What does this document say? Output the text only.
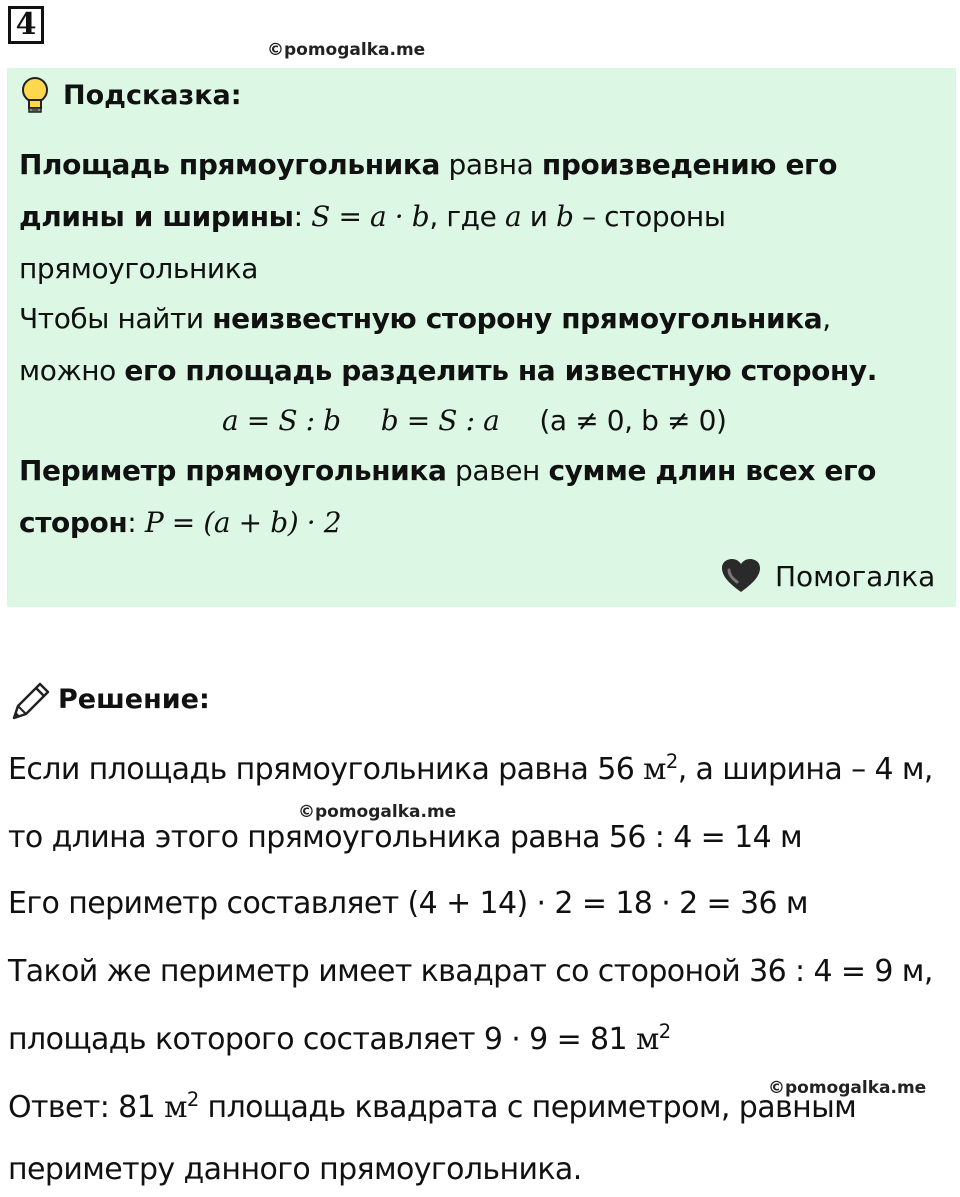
4
©pomogalka.me
Подсказка:
Площадь прямоугольника равна произведению его
длины и ширины: S = a · b, где a и b – стороны
прямоугольника
Чтобы найти неизвестную сторону прямоугольника,
можно его площадь разделить на известную сторону.
a = S : b b = S : a (a ≠ 0, b ≠ 0)
Периметр прямоугольника равен сумме длин всех его
сторон: P = (a + b) · 2
Помогалка
Решение:
Если площадь прямоугольника равна 56 $м^2$, а ширина – 4 м,
©pomogalka.me
то длина этого прямоугольника равна 56 : 4 = 14 м
Его периметр составляет (4 + 14) · 2 = 18 · 2 = 36 м
Такой же периметр имеет квадрат со стороной 36 : 4 = 9 м,
площадь которого составляет 9 · 9 = 81 $м^2$
©pomogalka.me
Ответ: 81 $м^2$ площадь квадрата с периметром, равным
периметру данного прямоугольника.
